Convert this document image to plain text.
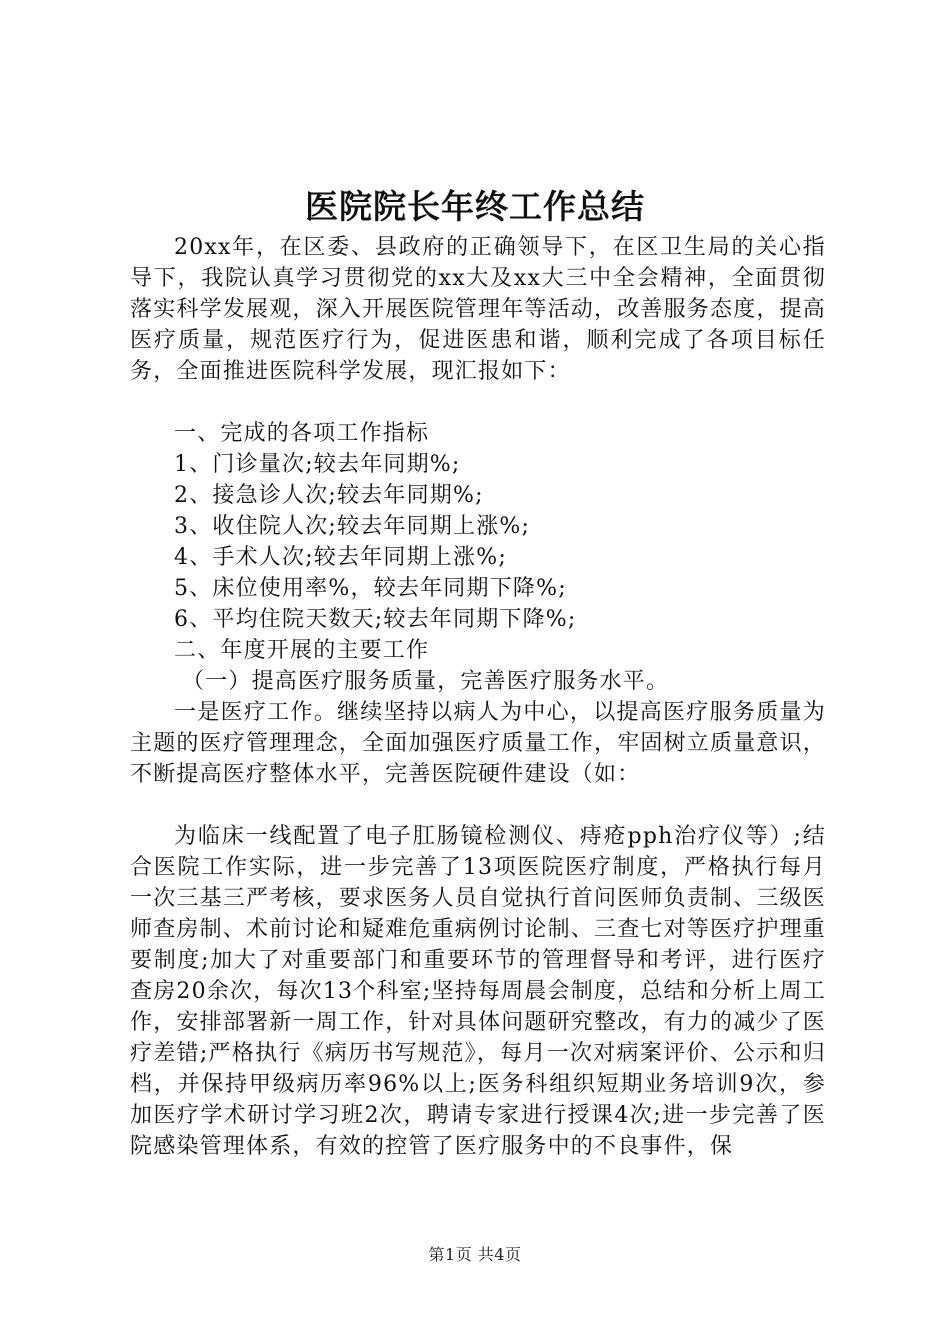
医院院长年终工作总结

20xx年，在区委、县政府的正确领导下，在区卫生局的关心指导下，我院认真学习贯彻党的xx大及xx大三中全会精神，全面贯彻落实科学发展观，深入开展医院管理年等活动，改善服务态度，提高医疗质量，规范医疗行为，促进医患和谐，顺利完成了各项目标任务，全面推进医院科学发展，现汇报如下：

一、完成的各项工作指标

1、门诊量次;较去年同期%;

2、接急诊人次;较去年同期%;

3、收住院人次;较去年同期上涨%;

4、手术人次;较去年同期上涨%;

5、床位使用率%，较去年同期下降%;

6、平均住院天数天;较去年同期下降%;

二、年度开展的主要工作

（一）提高医疗服务质量，完善医疗服务水平。

一是医疗工作。继续坚持以病人为中心，以提高医疗服务质量为主题的医疗管理理念，全面加强医疗质量工作，牢固树立质量意识，不断提高医疗整体水平，完善医院硬件建设（如：

为临床一线配置了电子肛肠镜检测仪、痔疮pph治疗仪等）;结合医院工作实际，进一步完善了13项医院医疗制度，严格执行每月一次三基三严考核，要求医务人员自觉执行首问医师负责制、三级医师查房制、术前讨论和疑难危重病例讨论制、三查七对等医疗护理重要制度;加大了对重要部门和重要环节的管理督导和考评，进行医疗查房20余次，每次13个科室;坚持每周晨会制度，总结和分析上周工作，安排部署新一周工作，针对具体问题研究整改，有力的减少了医疗差错;严格执行《病历书写规范》，每月一次对病案评价、公示和归档，并保持甲级病历率96%以上;医务科组织短期业务培训9次，参加医疗学术研讨学习班2次，聘请专家进行授课4次;进一步完善了医院感染管理体系，有效的控管了医疗服务中的不良事件，保

第1页 共4页
